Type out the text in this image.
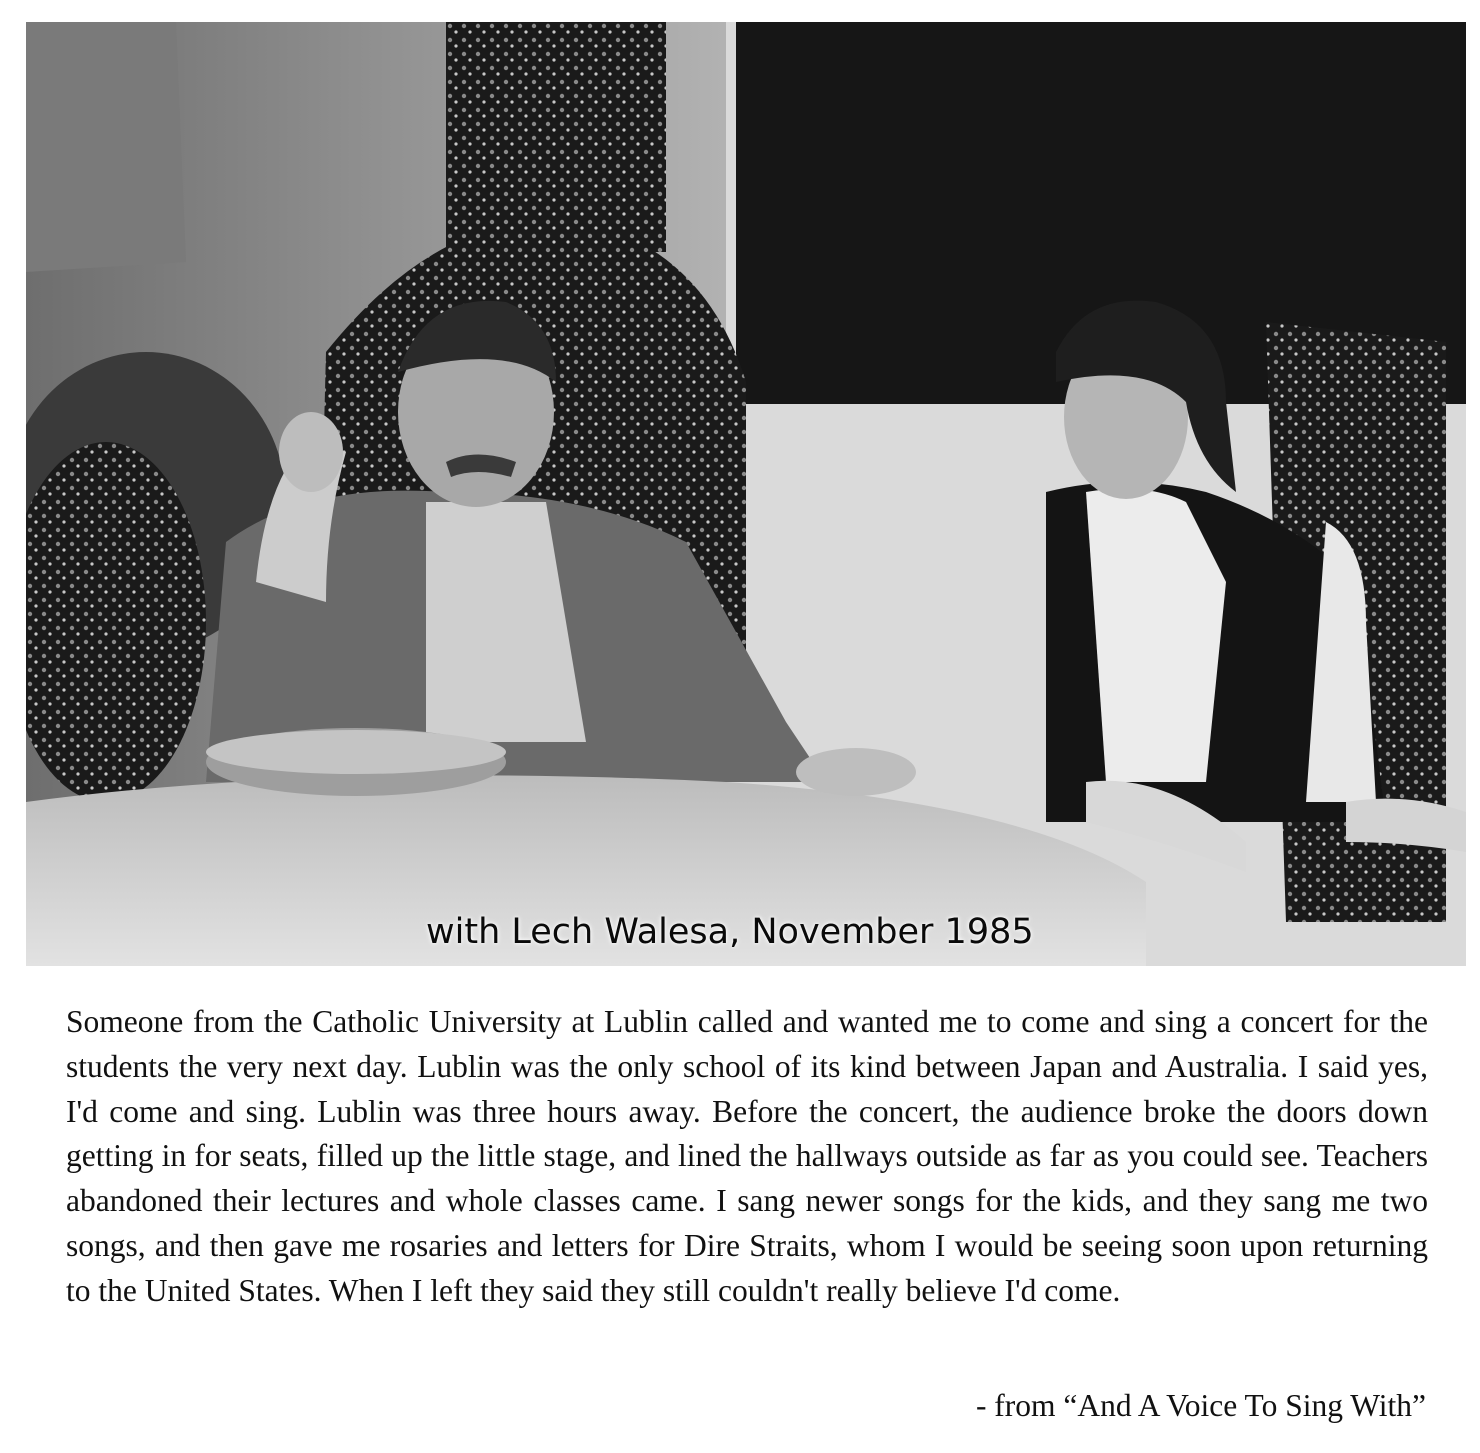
with Lech Walesa, November 1985

Someone from the Catholic University at Lublin called and wanted me to come and sing a concert for the students the very next day. Lublin was the only school of its kind between Japan and Australia. I said yes, I'd come and sing. Lublin was three hours away. Before the concert, the audience broke the doors down getting in for seats, filled up the little stage, and lined the hallways outside as far as you could see. Teachers abandoned their lectures and whole classes came. I sang newer songs for the kids, and they sang me two songs, and then gave me rosaries and letters for Dire Straits, whom I would be seeing soon upon returning to the United States. When I left they said they still couldn't really believe I'd come.

- from “And A Voice To Sing With”
